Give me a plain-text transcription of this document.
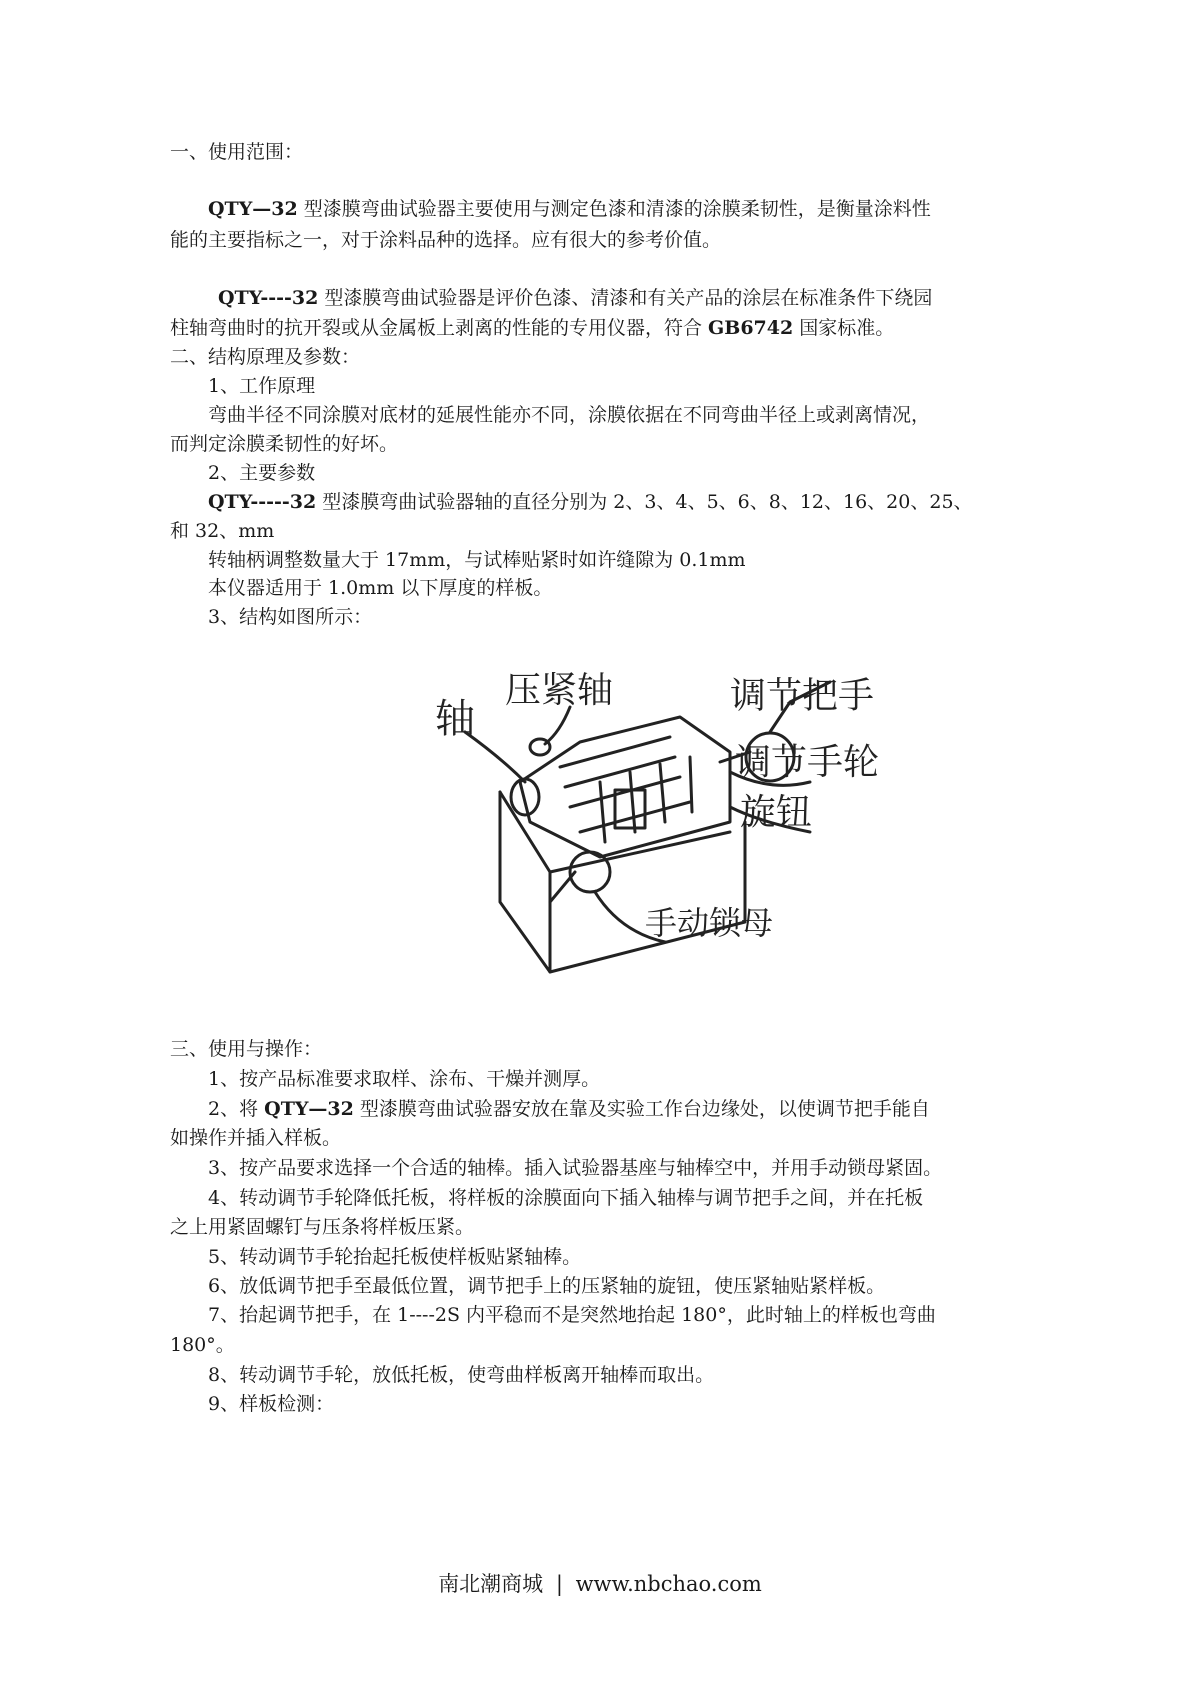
一、使用范围：
QTY—32 型漆膜弯曲试验器主要使用与测定色漆和清漆的涂膜柔韧性，是衡量涂料性
能的主要指标之一，对于涂料品种的选择。应有很大的参考价值。
QTY----32 型漆膜弯曲试验器是评价色漆、清漆和有关产品的涂层在标准条件下绕园
柱轴弯曲时的抗开裂或从金属板上剥离的性能的专用仪器，符合 GB6742 国家标准。
二、结构原理及参数：
1、工作原理
弯曲半径不同涂膜对底材的延展性能亦不同，涂膜依据在不同弯曲半径上或剥离情况，
而判定涂膜柔韧性的好坏。
2、主要参数
QTY-----32 型漆膜弯曲试验器轴的直径分别为 2、3、4、5、6、8、12、16、20、25、
和 32、mm
转轴柄调整数量大于 17mm，与试棒贴紧时如许缝隙为 0.1mm
本仪器适用于 1.0mm 以下厚度的样板。
3、结构如图所示：
轴
压紧轴	调节把手
调节手轮
旋钮
手动锁母
三、使用与操作：
1、按产品标准要求取样、涂布、干燥并测厚。
2、将 QTY—32 型漆膜弯曲试验器安放在靠及实验工作台边缘处，以使调节把手能自
如操作并插入样板。
3、按产品要求选择一个合适的轴棒。插入试验器基座与轴棒空中，并用手动锁母紧固。
4、转动调节手轮降低托板，将样板的涂膜面向下插入轴棒与调节把手之间，并在托板
之上用紧固螺钉与压条将样板压紧。
5、转动调节手轮抬起托板使样板贴紧轴棒。
6、放低调节把手至最低位置，调节把手上的压紧轴的旋钮，使压紧轴贴紧样板。
7、抬起调节把手，在 1----2S 内平稳而不是突然地抬起 180°，此时轴上的样板也弯曲
180°。
8、转动调节手轮，放低托板，使弯曲样板离开轴棒而取出。
9、样板检测：
南北潮商城 | www.nbchao.com
